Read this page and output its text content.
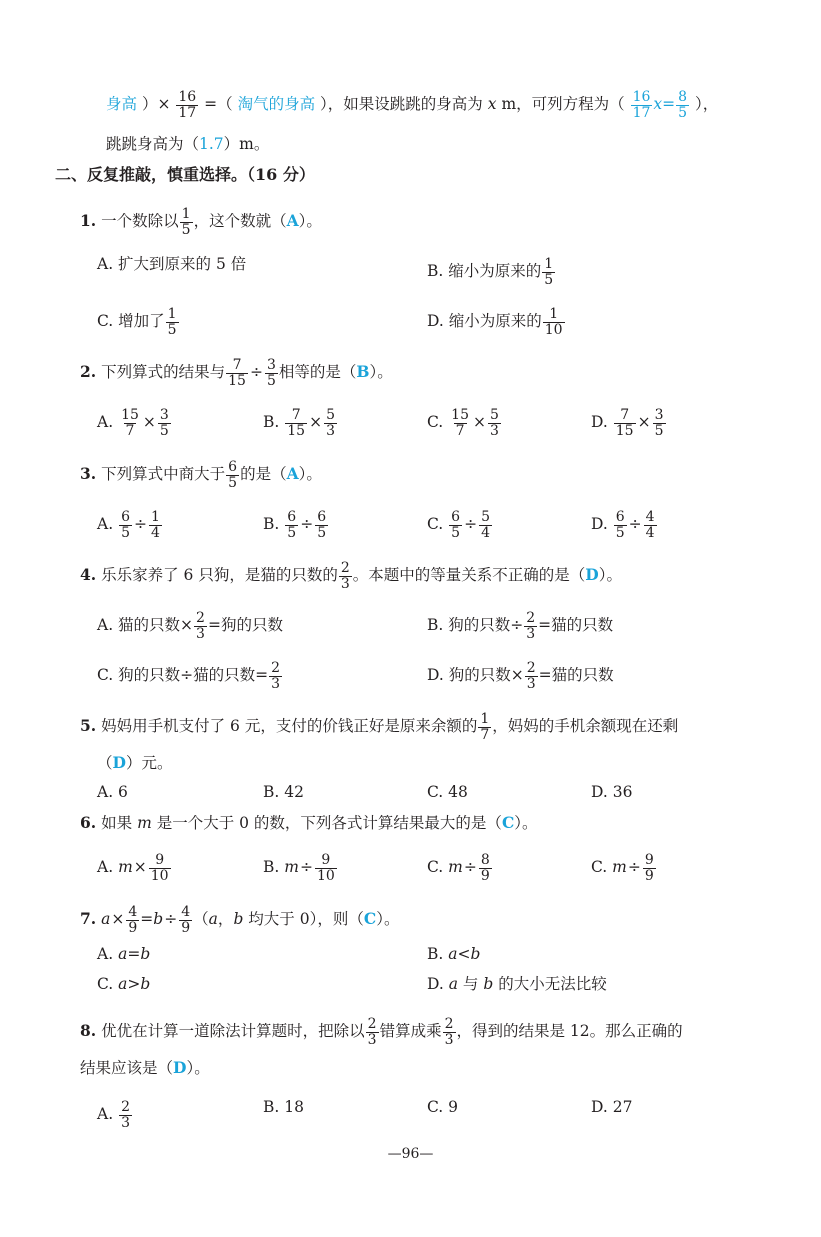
身高 ）× $\frac{16}{17}$ =（ 淘气的身高 ），如果设跳跳的身高为 x m，可列方程为（ $\frac{16}{17} x= \frac{8}{5}$ ），
跳跳身高为（1.7）m。
二、反复推敲，慎重选择。（16 分）
1. 一个数除以 $\frac{1}{5}$ ，这个数就（A）。
A. 扩大到原来的 5 倍	B. 缩小为原来的 $\frac{1}{5}$
C. 增加了 $\frac{1}{5}$	D. 缩小为原来的 $\frac{1}{10}$
2. 下列算式的结果与 $\frac{7}{15} \div \frac{3}{5}$ 相等的是（B）。
A. $\frac{15}{7} \times \frac{3}{5}$	B. $\frac{7}{15} \times \frac{5}{3}$	C. $\frac{15}{7} \times \frac{5}{3}$	D. $\frac{7}{15} \times \frac{3}{5}$
3. 下列算式中商大于 $\frac{6}{5}$ 的是（A）。
A. $\frac{6}{5} \div \frac{1}{4}$	B. $\frac{6}{5} \div \frac{6}{5}$	C. $\frac{6}{5} \div \frac{5}{4}$	D. $\frac{6}{5} \div \frac{4}{4}$
4. 乐乐家养了 6 只狗，是猫的只数的 $\frac{2}{3}$ 。本题中的等量关系不正确的是（D）。
A. 猫的只数× $\frac{2}{3}$ =狗的只数	B. 狗的只数÷ $\frac{2}{3}$ =猫的只数
C. 狗的只数÷猫的只数= $\frac{2}{3}$	D. 狗的只数× $\frac{2}{3}$ =猫的只数
5. 妈妈用手机支付了 6 元，支付的价钱正好是原来余额的 $\frac{1}{7}$ ，妈妈的手机余额现在还剩
（D）元。
A. 6	B. 42	C. 48	D. 36
6. 如果 m 是一个大于 0 的数，下列各式计算结果最大的是（C）。
A. $m\times \frac{9}{10}$	B. $m\div \frac{9}{10}$	C. $m\div \frac{8}{9}$	C. $m\div \frac{9}{9}$
7. $a\times \frac{4}{9} =b\div \frac{4}{9} (a$，b 均大于 0），则（C）。
A. a=b	B. a<b
C. a>b	D. a 与 b 的大小无法比较
8. 优优在计算一道除法计算题时，把除以 $\frac{2}{3}$ 错算成乘 $\frac{2}{3}$ ，得到的结果是 12。那么正确的
结果应该是（D）。
A. $\frac{2}{3}$	B. 18	C. 9	D. 27
—96—
